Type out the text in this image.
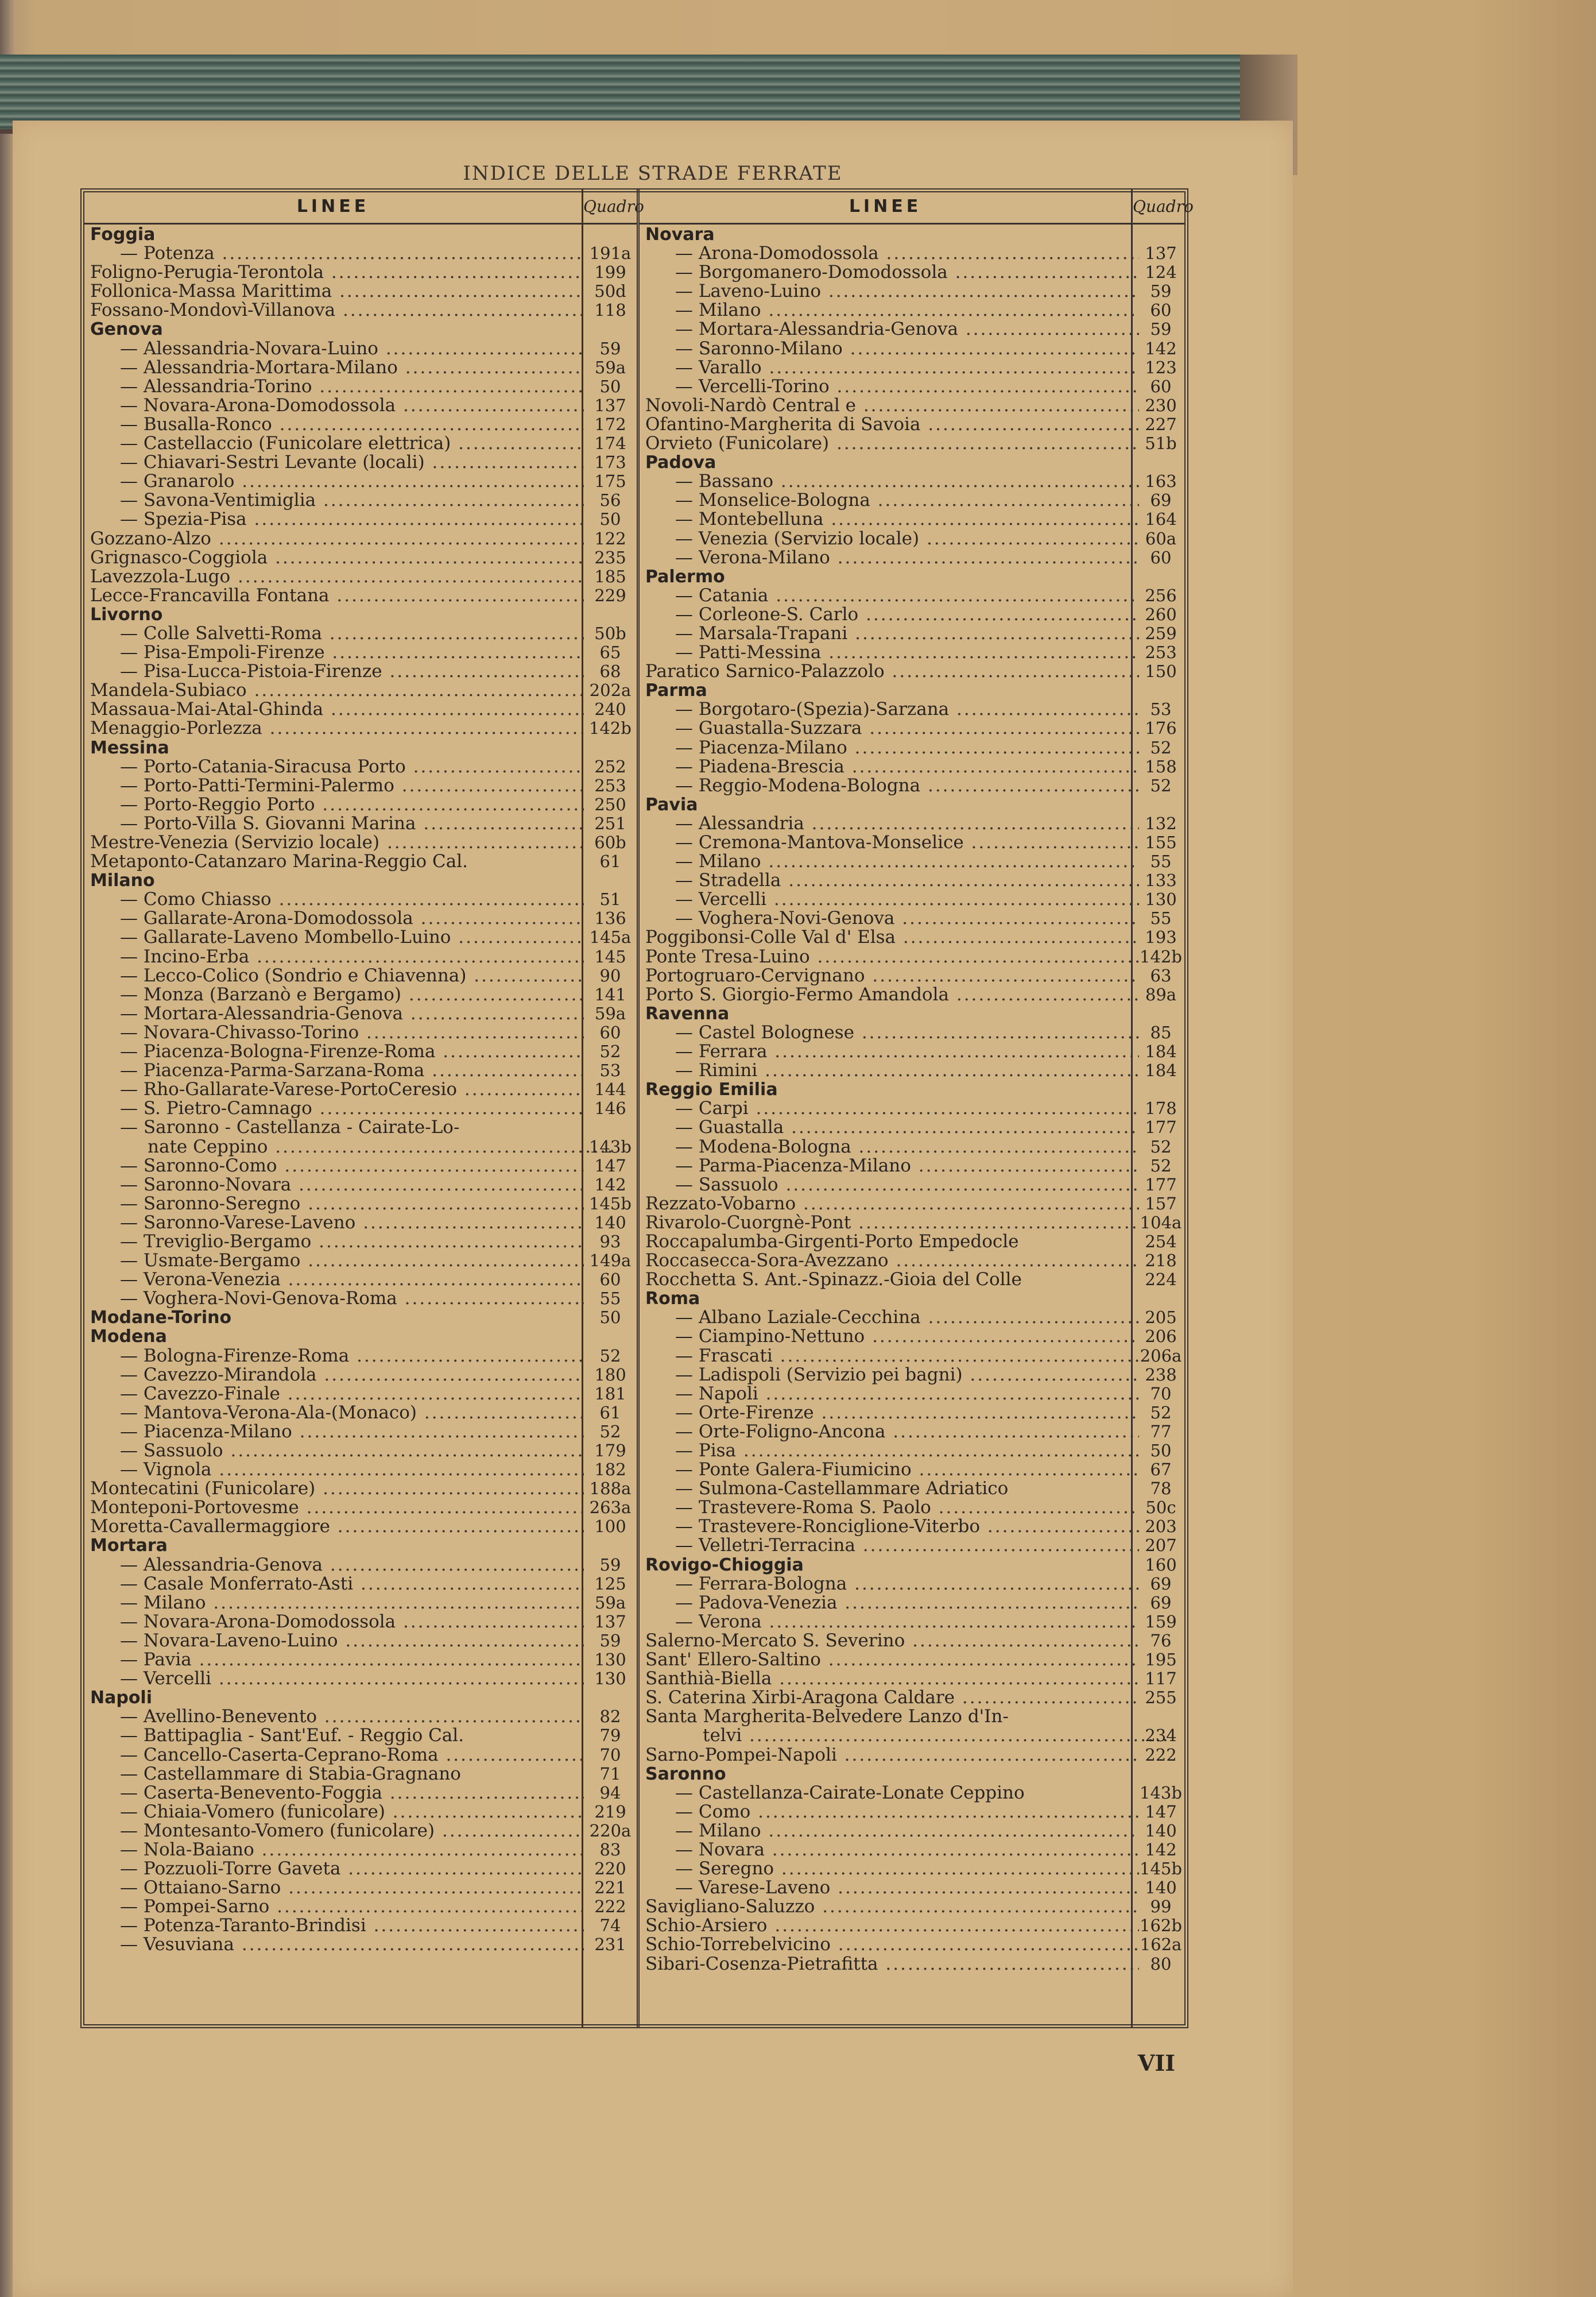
INDICE DELLE STRADE FERRATE
LINEE	Quadro
Foggia
— Potenza .....	191a
Foligno-Perugia-Terontola .....	199
Follonica-Massa Marittima .....	50d
Fossano-Mondovì-Villanova .....	118
Genova
— Alessandria-Novara-Luino .....	59
— Alessandria-Mortara-Milano .....	59a
— Alessandria-Torino .....	50
— Novara-Arona-Domodossola .....	137
— Busalla-Ronco .....	172
— Castellaccio (Funicolare elettrica) .....	174
— Chiavari-Sestri Levante (locali) .....	173
— Granarolo .....	175
— Savona-Ventimiglia .....	56
— Spezia-Pisa .....	50
Gozzano-Alzo .....	122
Grignasco-Coggiola .....	235
Lavezzola-Lugo .....	185
Lecce-Francavilla Fontana .....	229
Livorno
— Colle Salvetti-Roma .....	50b
— Pisa-Empoli-Firenze .....	65
— Pisa-Lucca-Pistoia-Firenze .....	68
Mandela-Subiaco .....	202a
Massaua-Mai-Atal-Ghinda .....	240
Menaggio-Porlezza .....	142b
Messina
— Porto-Catania-Siracusa Porto .....	252
— Porto-Patti-Termini-Palermo .....	253
— Porto-Reggio Porto .....	250
— Porto-Villa S. Giovanni Marina .....	251
Mestre-Venezia (Servizio locale) .....	60b
Metaponto-Catanzaro Marina-Reggio Cal.	61
Milano
— Como Chiasso .....	51
— Gallarate-Arona-Domodossola .....	136
— Gallarate-Laveno Mombello-Luino .....	145a
— Incino-Erba .....	145
— Lecco-Colico (Sondrio e Chiavenna) .....	90
— Monza (Barzanò e Bergamo) .....	141
— Mortara-Alessandria-Genova .....	59a
— Novara-Chivasso-Torino .....	60
— Piacenza-Bologna-Firenze-Roma .....	52
— Piacenza-Parma-Sarzana-Roma .....	53
— Rho-Gallarate-Varese-PortoCeresio .....	144
— S. Pietro-Camnago .....	146
— Saronno - Castellanza - Cairate-Lo-
nate Ceppino .....	143b
— Saronno-Como .....	147
— Saronno-Novara .....	142
— Saronno-Seregno .....	145b
— Saronno-Varese-Laveno .....	140
— Treviglio-Bergamo .....	93
— Usmate-Bergamo .....	149a
— Verona-Venezia .....	60
— Voghera-Novi-Genova-Roma .....	55
Modane-Torino	50
Modena
— Bologna-Firenze-Roma .....	52
— Cavezzo-Mirandola .....	180
— Cavezzo-Finale .....	181
— Mantova-Verona-Ala-(Monaco) .....	61
— Piacenza-Milano .....	52
— Sassuolo .....	179
— Vignola .....	182
Montecatini (Funicolare) .....	188a
Monteponi-Portovesme .....	263a
Moretta-Cavallermaggiore .....	100
Mortara
— Alessandria-Genova .....	59
— Casale Monferrato-Asti .....	125
— Milano .....	59a
— Novara-Arona-Domodossola .....	137
— Novara-Laveno-Luino .....	59
— Pavia .....	130
— Vercelli .....	130
Napoli
— Avellino-Benevento .....	82
— Battipaglia - Sant'Euf. - Reggio Cal.	79
— Cancello-Caserta-Ceprano-Roma .....	70
— Castellammare di Stabia-Gragnano	71
— Caserta-Benevento-Foggia .....	94
— Chiaia-Vomero (funicolare) .....	219
— Montesanto-Vomero (funicolare) .....	220a
— Nola-Baiano .....	83
— Pozzuoli-Torre Gaveta .....	220
— Ottaiano-Sarno .....	221
— Pompei-Sarno .....	222
— Potenza-Taranto-Brindisi .....	74
— Vesuviana .....	231
LINEE	Quadro
Novara
— Arona-Domodossola .....	137
— Borgomanero-Domodossola .....	124
— Laveno-Luino .....	59
— Milano .....	60
— Mortara-Alessandria-Genova .....	59
— Saronno-Milano .....	142
— Varallo .....	123
— Vercelli-Torino .....	60
Novoli-Nardò Central e .....	230
Ofantino-Margherita di Savoia .....	227
Orvieto (Funicolare) .....	51b
Padova
— Bassano .....	163
— Monselice-Bologna .....	69
— Montebelluna .....	164
— Venezia (Servizio locale) .....	60a
— Verona-Milano .....	60
Palermo
— Catania .....	256
— Corleone-S. Carlo .....	260
— Marsala-Trapani .....	259
— Patti-Messina .....	253
Paratico Sarnico-Palazzolo .....	150
Parma
— Borgotaro-(Spezia)-Sarzana .....	53
— Guastalla-Suzzara .....	176
— Piacenza-Milano .....	52
— Piadena-Brescia .....	158
— Reggio-Modena-Bologna .....	52
Pavia
— Alessandria .....	132
— Cremona-Mantova-Monselice .....	155
— Milano .....	55
— Stradella .....	133
— Vercelli .....	130
— Voghera-Novi-Genova .....	55
Poggibonsi-Colle Val d' Elsa .....	193
Ponte Tresa-Luino .....	142b
Portogruaro-Cervignano .....	63
Porto S. Giorgio-Fermo Amandola .....	89a
Ravenna
— Castel Bolognese .....	85
— Ferrara .....	184
— Rimini .....	184
Reggio Emilia
— Carpi .....	178
— Guastalla .....	177
— Modena-Bologna .....	52
— Parma-Piacenza-Milano .....	52
— Sassuolo .....	177
Rezzato-Vobarno .....	157
Rivarolo-Cuorgnè-Pont .....	104a
Roccapalumba-Girgenti-Porto Empedocle	254
Roccasecca-Sora-Avezzano .....	218
Rocchetta S. Ant.-Spinazz.-Gioia del Colle	224
Roma
— Albano Laziale-Cecchina .....	205
— Ciampino-Nettuno .....	206
— Frascati .....	206a
— Ladispoli (Servizio pei bagni) .....	238
— Napoli .....	70
— Orte-Firenze .....	52
— Orte-Foligno-Ancona .....	77
— Pisa .....	50
— Ponte Galera-Fiumicino .....	67
— Sulmona-Castellammare Adriatico	78
— Trastevere-Roma S. Paolo .....	50c
— Trastevere-Ronciglione-Viterbo .....	203
— Velletri-Terracina .....	207
Rovigo-Chioggia	160
— Ferrara-Bologna .....	69
— Padova-Venezia .....	69
— Verona .....	159
Salerno-Mercato S. Severino .....	76
Sant' Ellero-Saltino .....	195
Santhià-Biella .....	117
S. Caterina Xirbi-Aragona Caldare .....	255
Santa Margherita-Belvedere Lanzo d'In-
telvi .....	234
Sarno-Pompei-Napoli .....	222
Saronno
— Castellanza-Cairate-Lonate Ceppino	143b
— Como .....	147
— Milano .....	140
— Novara .....	142
— Seregno .....	145b
— Varese-Laveno .....	140
Savigliano-Saluzzo .....	99
Schio-Arsiero .....	162b
Schio-Torrebelvicino .....	162a
Sibari-Cosenza-Pietrafitta .....	80
VII
